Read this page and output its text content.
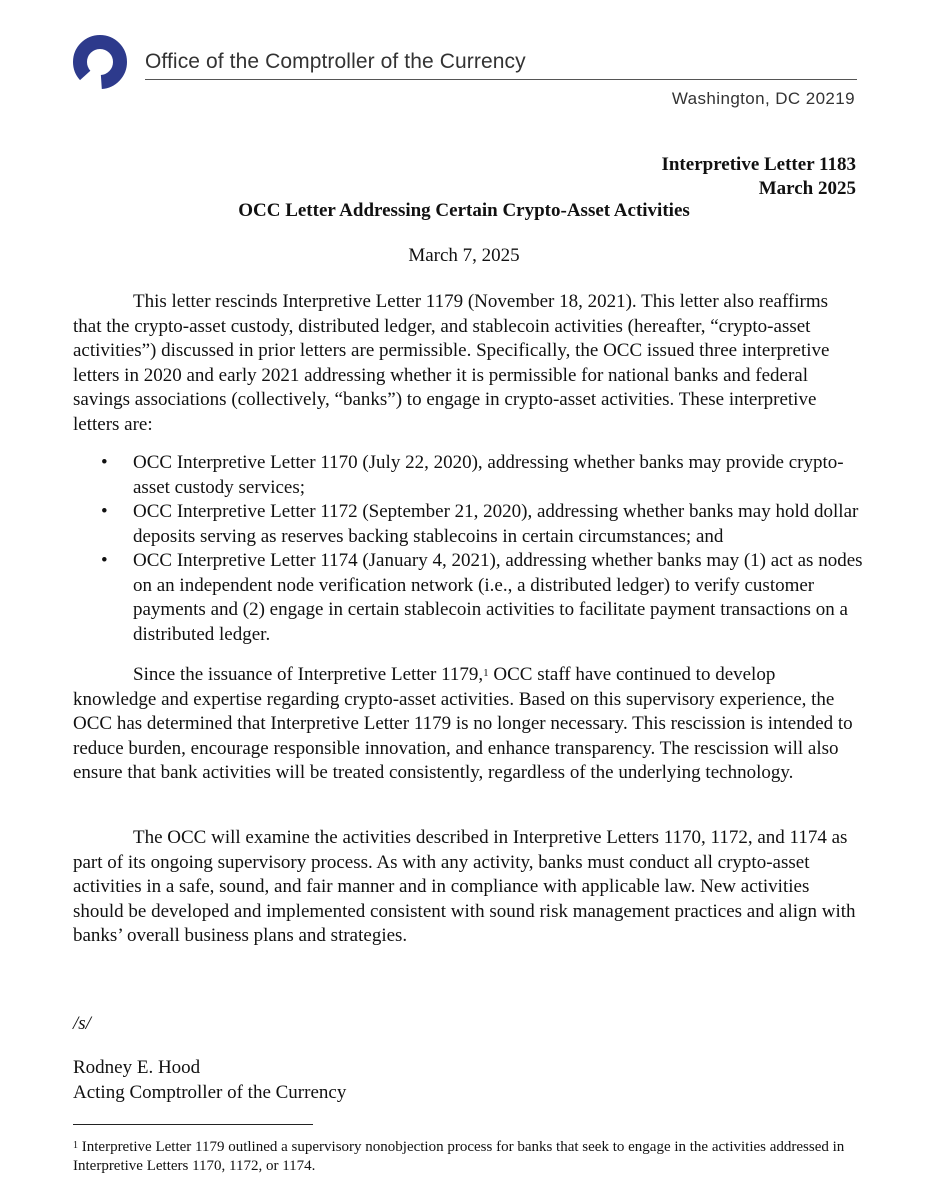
Office of the Comptroller of the Currency
Washington, DC 20219
Interpretive Letter 1183
March 2025
OCC Letter Addressing Certain Crypto-Asset Activities
March 7, 2025
This letter rescinds Interpretive Letter 1179 (November 18, 2021). This letter also reaffirms that the crypto-asset custody, distributed ledger, and stablecoin activities (hereafter, “crypto-asset activities”) discussed in prior letters are permissible. Specifically, the OCC issued three interpretive letters in 2020 and early 2021 addressing whether it is permissible for national banks and federal savings associations (collectively, “banks”) to engage in crypto-asset activities. These interpretive letters are:
• OCC Interpretive Letter 1170 (July 22, 2020), addressing whether banks may provide crypto-asset custody services;
• OCC Interpretive Letter 1172 (September 21, 2020), addressing whether banks may hold dollar deposits serving as reserves backing stablecoins in certain circumstances; and
• OCC Interpretive Letter 1174 (January 4, 2021), addressing whether banks may (1) act as nodes on an independent node verification network (i.e., a distributed ledger) to verify customer payments and (2) engage in certain stablecoin activities to facilitate payment transactions on a distributed ledger.
Since the issuance of Interpretive Letter 1179,$^1$ OCC staff have continued to develop knowledge and expertise regarding crypto-asset activities. Based on this supervisory experience, the OCC has determined that Interpretive Letter 1179 is no longer necessary. This rescission is intended to reduce burden, encourage responsible innovation, and enhance transparency. The rescission will also ensure that bank activities will be treated consistently, regardless of the underlying technology.
The OCC will examine the activities described in Interpretive Letters 1170, 1172, and 1174 as part of its ongoing supervisory process. As with any activity, banks must conduct all crypto-asset activities in a safe, sound, and fair manner and in compliance with applicable law. New activities should be developed and implemented consistent with sound risk management practices and align with banks’ overall business plans and strategies.
/s/
Rodney E. Hood
Acting Comptroller of the Currency
$^1$ Interpretive Letter 1179 outlined a supervisory nonobjection process for banks that seek to engage in the activities addressed in Interpretive Letters 1170, 1172, or 1174.
